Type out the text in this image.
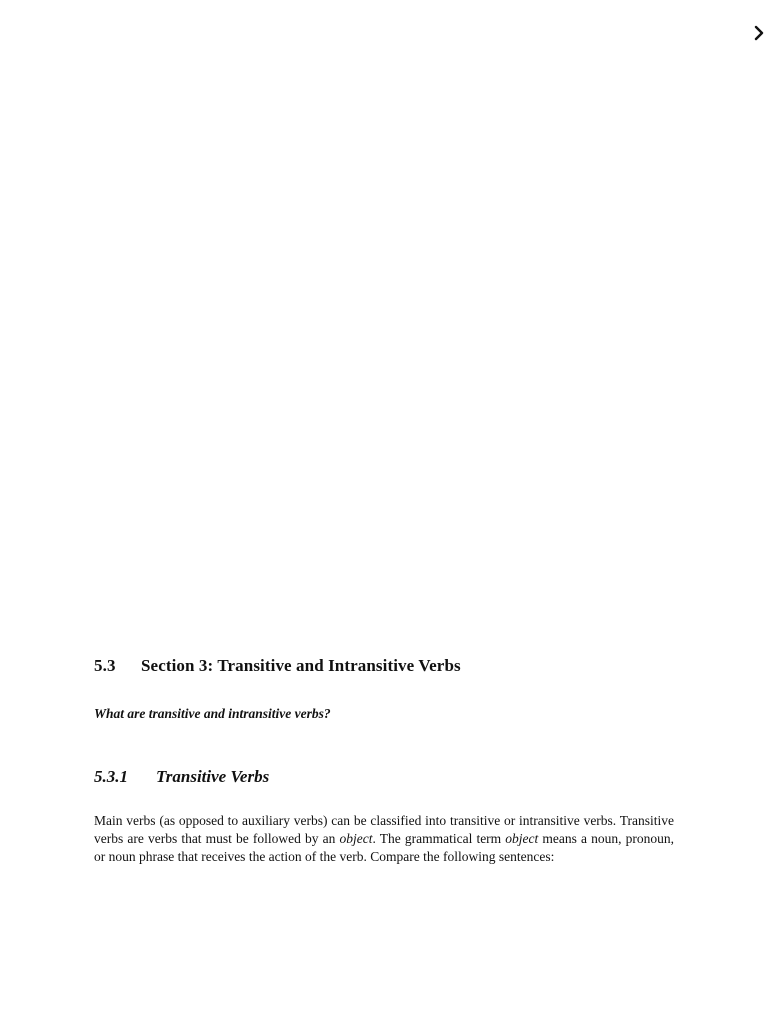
5.3 Section 3: Transitive and Intransitive Verbs

What are transitive and intransitive verbs?

5.3.1 Transitive Verbs

Main verbs (as opposed to auxiliary verbs) can be classified into transitive or intransitive verbs. Transitive verbs are verbs that must be followed by an object. The grammatical term object means a noun, pronoun, or noun phrase that receives the action of the verb. Compare the following sentences:
